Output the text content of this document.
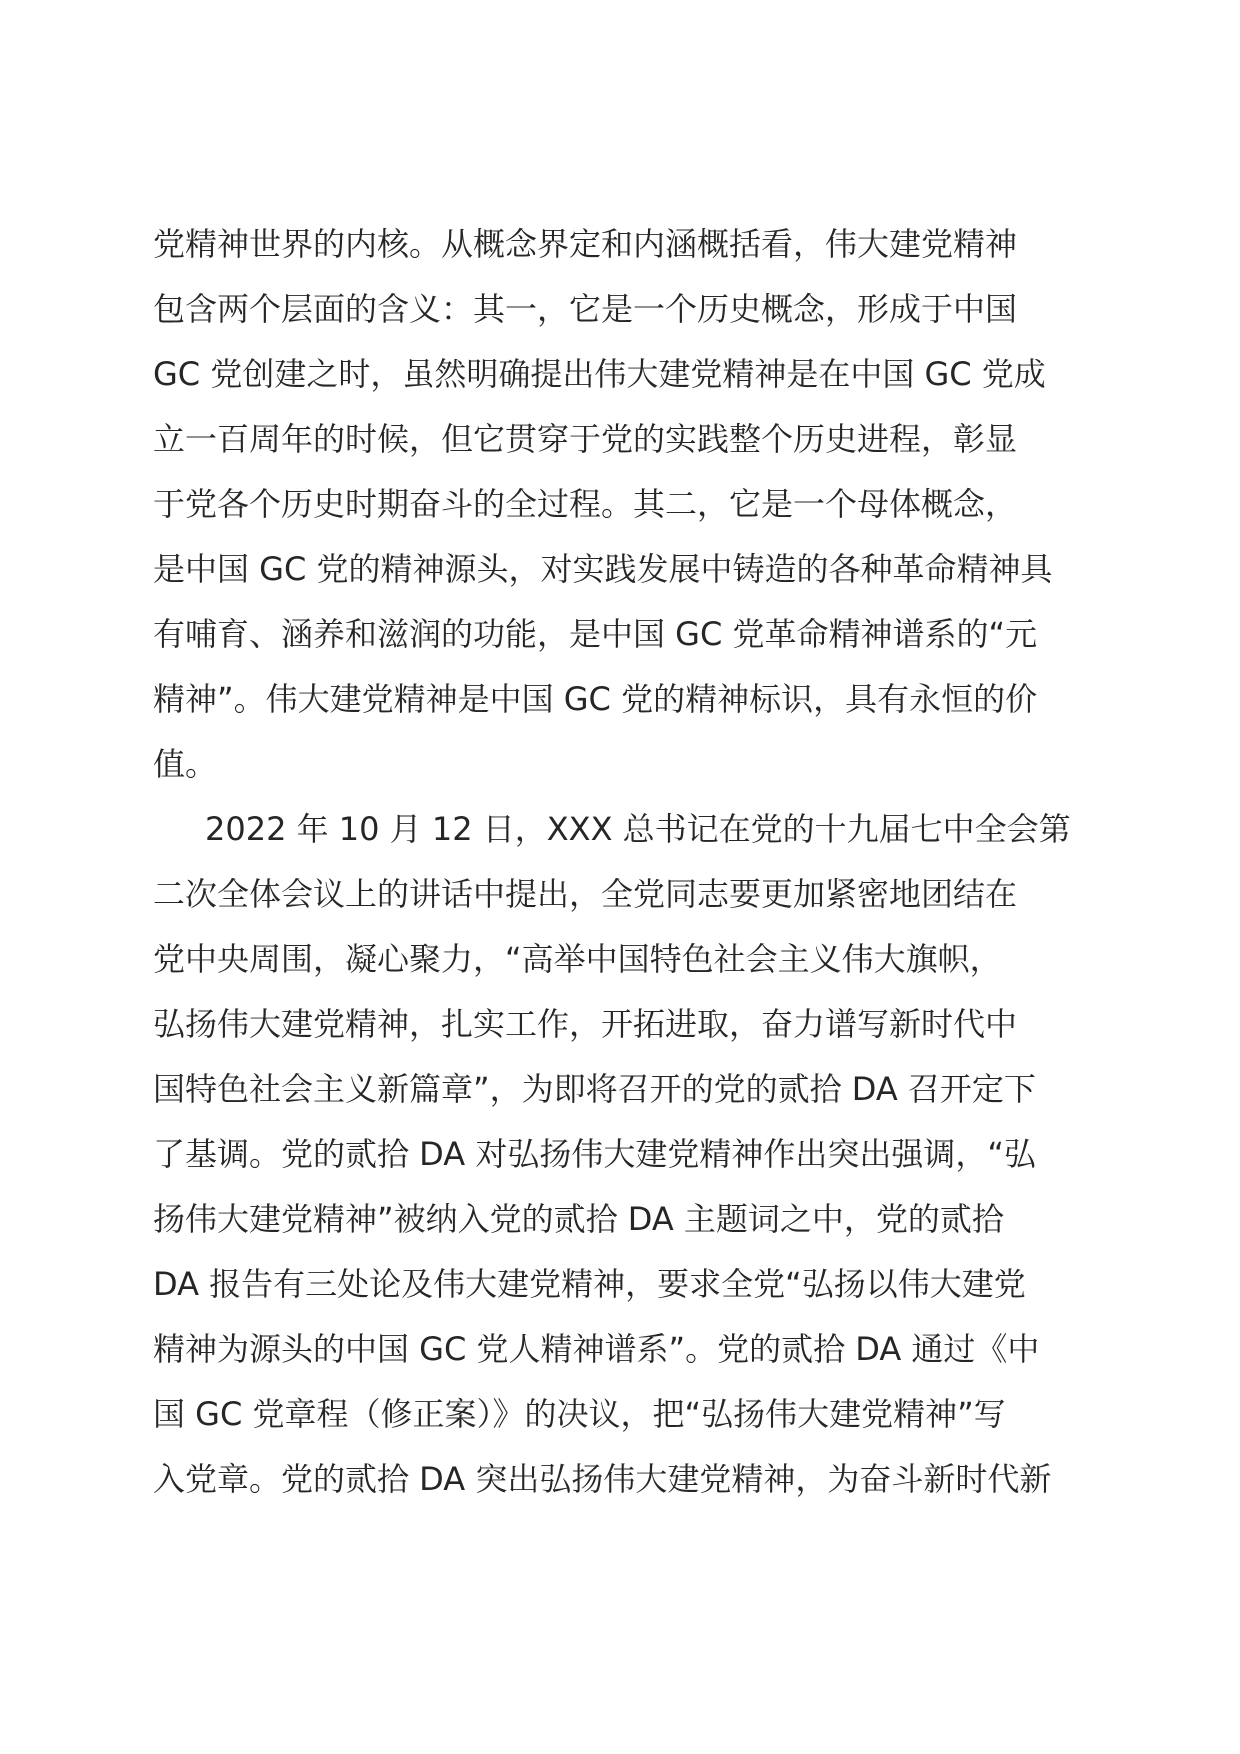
党精神世界的内核。从概念界定和内涵概括看，伟大建党精神
包含两个层面的含义：其一，它是一个历史概念，形成于中国
GC 党创建之时，虽然明确提出伟大建党精神是在中国 GC 党成
立一百周年的时候，但它贯穿于党的实践整个历史进程，彰显
于党各个历史时期奋斗的全过程。其二，它是一个母体概念，
是中国 GC 党的精神源头，对实践发展中铸造的各种革命精神具
有哺育、涵养和滋润的功能，是中国 GC 党革命精神谱系的“元
精神”。伟大建党精神是中国 GC 党的精神标识，具有永恒的价
值。
2022 年 10 月 12 日，XXX 总书记在党的十九届七中全会第
二次全体会议上的讲话中提出，全党同志要更加紧密地团结在
党中央周围，凝心聚力，“高举中国特色社会主义伟大旗帜，
弘扬伟大建党精神，扎实工作，开拓进取，奋力谱写新时代中
国特色社会主义新篇章”，为即将召开的党的贰拾 DA 召开定下
了基调。党的贰拾 DA 对弘扬伟大建党精神作出突出强调，“弘
扬伟大建党精神”被纳入党的贰拾 DA 主题词之中，党的贰拾
DA 报告有三处论及伟大建党精神，要求全党“弘扬以伟大建党
精神为源头的中国 GC 党人精神谱系”。党的贰拾 DA 通过《中
国 GC 党章程（修正案）》的决议，把“弘扬伟大建党精神”写
入党章。党的贰拾 DA 突出弘扬伟大建党精神，为奋斗新时代新
